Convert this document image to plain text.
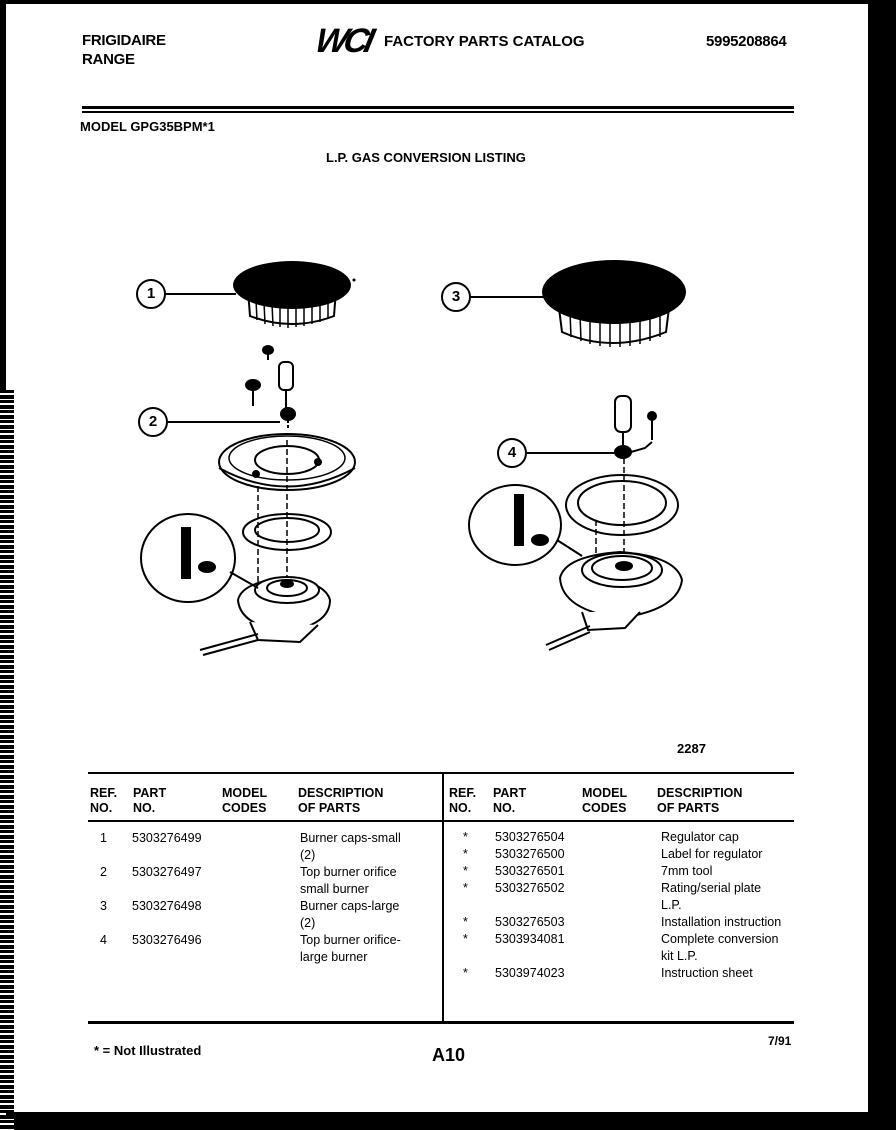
FRIGIDAIRE
RANGE	WCI FACTORY PARTS CATALOG	5995208864
MODEL GPG35BPM*1
L.P. GAS CONVERSION LISTING
1
2
3
4
2287
REF.
NO.
PART
NO.
MODEL
CODES
DESCRIPTION
OF PARTS
REF.
NO.
PART
NO.
MODEL
CODES
DESCRIPTION
OF PARTS
1 5303276499	Burner caps-small
(2)
2 5303276497	Top burner orifice
small burner
3 5303276498	Burner caps-large
(2)
4 5303276496	Top burner orifice-
large burner
* 5303276504	Regulator cap
* 5303276500	Label for regulator
* 5303276501	7mm tool
* 5303276502	Rating/serial plate
L.P.
* 5303276503	Installation instruction
* 5303934081	Complete conversion
kit L.P.
* 5303974023	Instruction sheet
* = Not Illustrated	A10
7/91
